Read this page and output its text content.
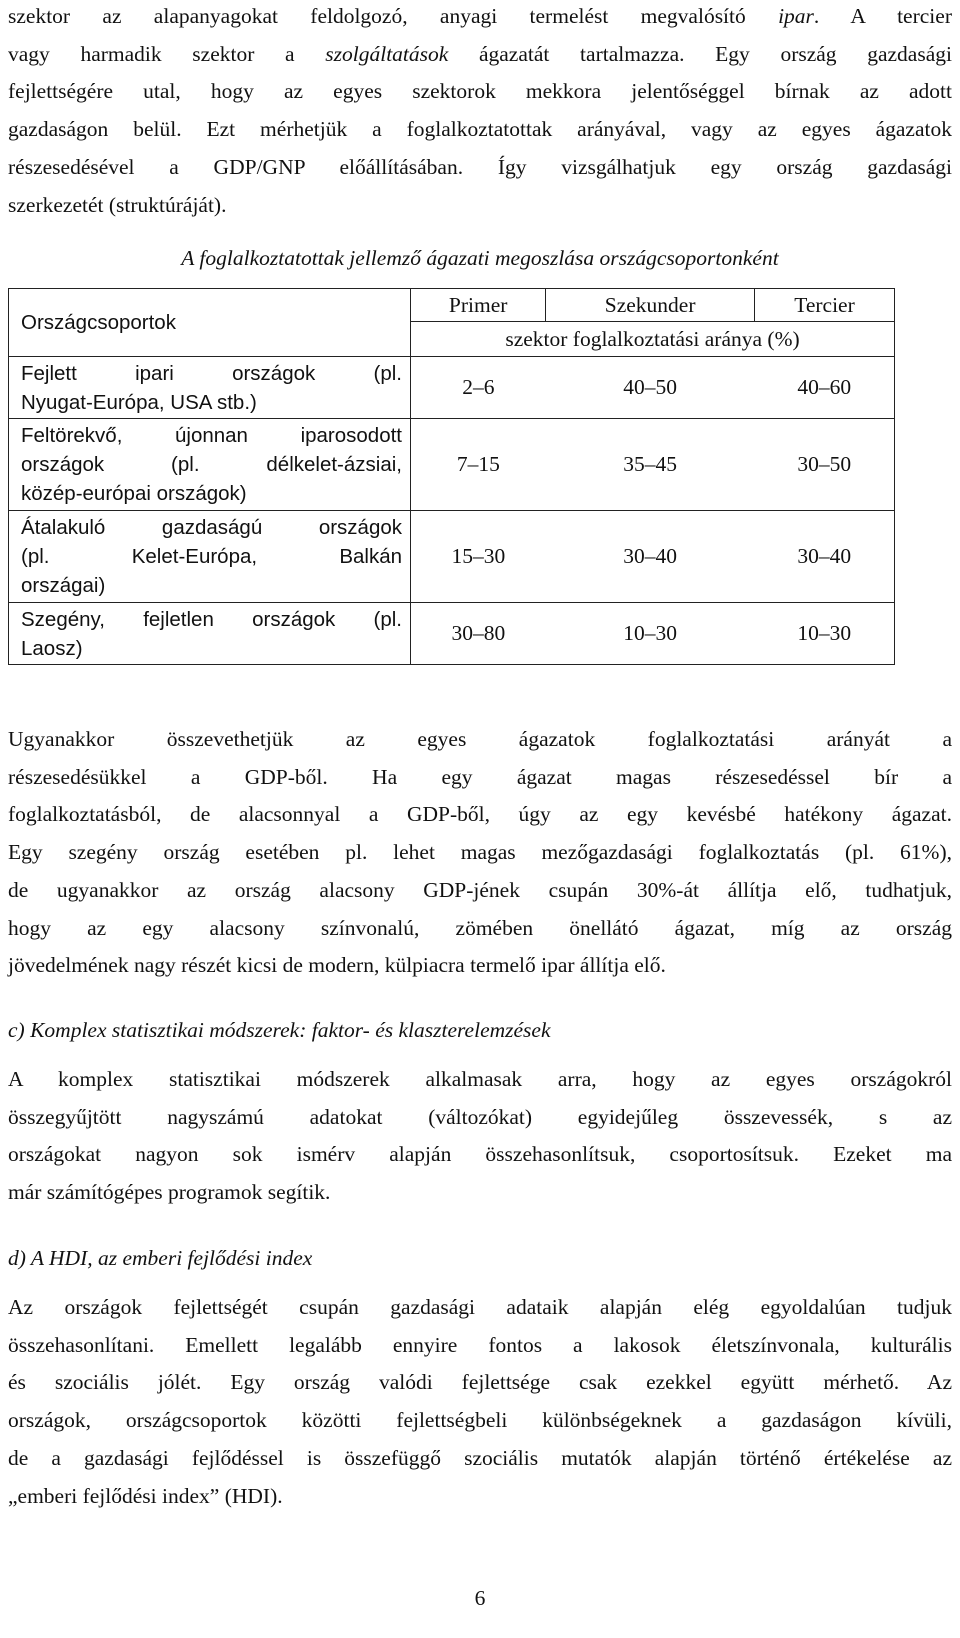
szektor az alapanyagokat feldolgozó, anyagi termelést megvalósító ipar. A tercier
vagy harmadik szektor a szolgáltatások ágazatát tartalmazza. Egy ország gazdasági
fejlettségére utal, hogy az egyes szektorok mekkora jelentőséggel bírnak az adott
gazdaságon belül. Ezt mérhetjük a foglalkoztatottak arányával, vagy az egyes ágazatok
részesedésével a GDP/GNP előállításában. Így vizsgálhatjuk egy ország gazdasági
szerkezetét (struktúráját).
A foglalkoztatottak jellemző ágazati megoszlása országcsoportonként
Országcsoportok	Primer	Szekunder	Tercier
	szektor foglalkoztatási aránya (%)		

Fejlett ipari országok (pl.
Nyugat-Európa, USA stb.)	2–6	40–50	40–60

Feltörekvő, újonnan iparosodott
országok (pl. délkelet-ázsiai,
közép-európai országok)	7–15	35–45	30–50

Átalakuló gazdaságú országok
(pl. Kelet-Európa, Balkán
országai)	15–30	30–40	30–40

Szegény, fejletlen országok (pl.
Laosz)	30–80	10–30	10–30
Ugyanakkor összevethetjük az egyes ágazatok foglalkoztatási arányát a
részesedésükkel a GDP-ből. Ha egy ágazat magas részesedéssel bír a
foglalkoztatásból, de alacsonnyal a GDP-ből, úgy az egy kevésbé hatékony ágazat.
Egy szegény ország esetében pl. lehet magas mezőgazdasági foglalkoztatás (pl. 61%),
de ugyanakkor az ország alacsony GDP-jének csupán 30%-át állítja elő, tudhatjuk,
hogy az egy alacsony színvonalú, zömében önellátó ágazat, míg az ország
jövedelmének nagy részét kicsi de modern, külpiacra termelő ipar állítja elő.
c) Komplex statisztikai módszerek: faktor- és klaszterelemzések
A komplex statisztikai módszerek alkalmasak arra, hogy az egyes országokról
összegyűjtött nagyszámú adatokat (változókat) egyidejűleg összevessék, s az
országokat nagyon sok ismérv alapján összehasonlítsuk, csoportosítsuk. Ezeket ma
már számítógépes programok segítik.
d) A HDI, az emberi fejlődési index
Az országok fejlettségét csupán gazdasági adataik alapján elég egyoldalúan tudjuk
összehasonlítani. Emellett legalább ennyire fontos a lakosok életszínvonala, kulturális
és szociális jólét. Egy ország valódi fejlettsége csak ezekkel együtt mérhető. Az
országok, országcsoportok közötti fejlettségbeli különbségeknek a gazdaságon kívüli,
de a gazdasági fejlődéssel is összefüggő szociális mutatók alapján történő értékelése az
„emberi fejlődési index” (HDI).
6
